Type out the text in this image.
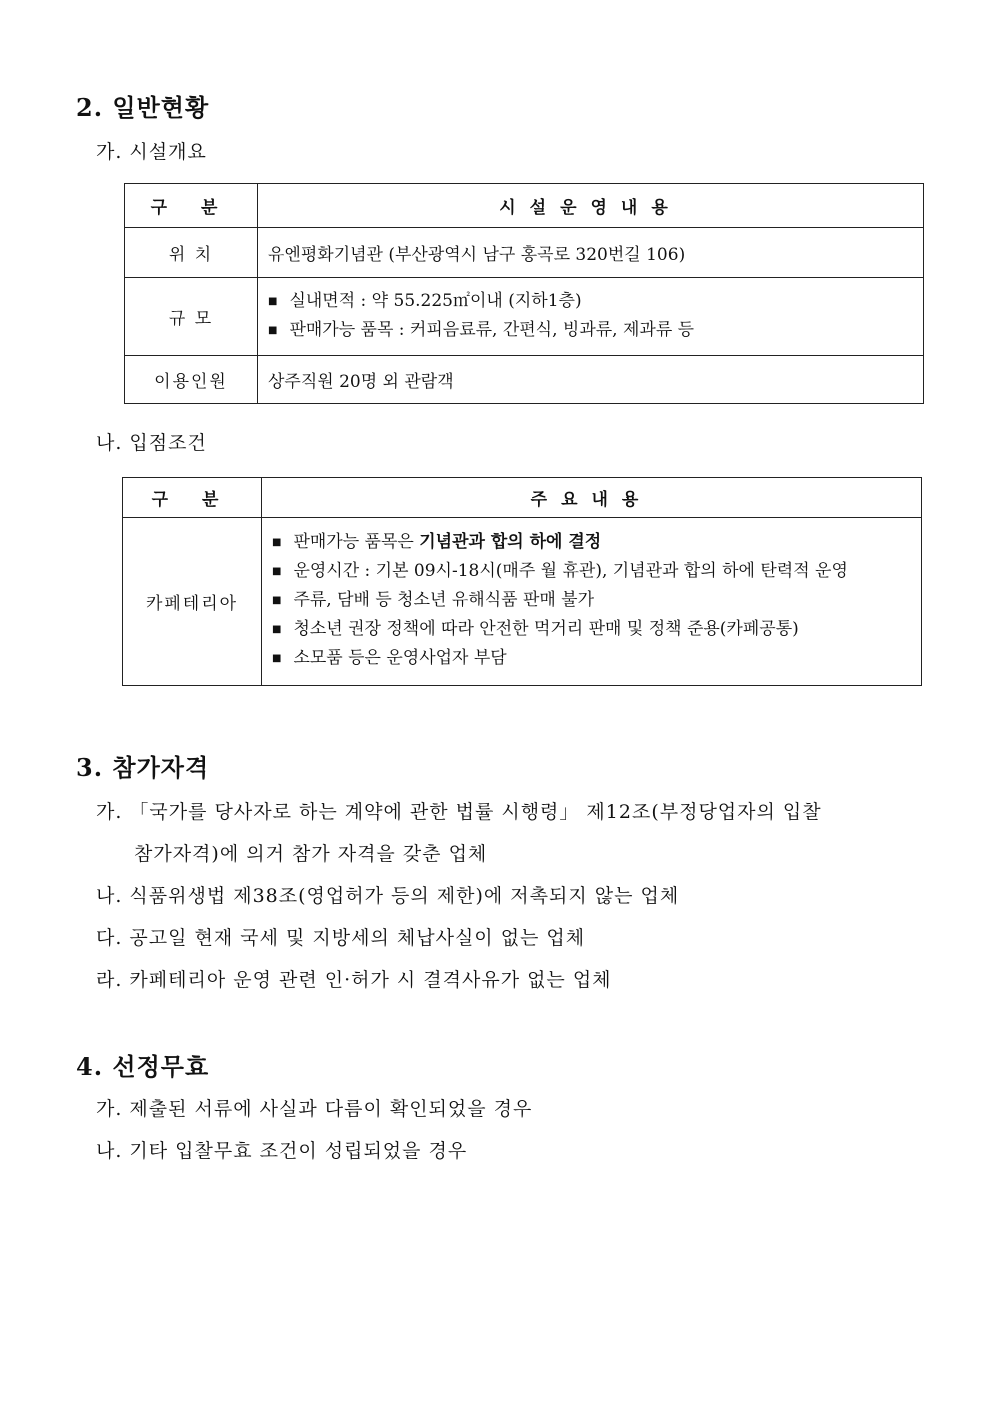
2. 일반현황
가. 시설개요
구 분	시설운영내용
위 치	유엔평화기념관 (부산광역시 남구 홍곡로 320번길 106)
규 모	■ 실내면적 : 약 55.225㎡이내 (지하1층)
■ 판매가능 품목 : 커피음료류, 간편식, 빙과류, 제과류 등

이용인원	상주직원 20명 외 관람객
나. 입점조건
구 분	주요내용
카페테리아	■ 판매가능 품목은 기념관과 합의 하에 결정
■ 운영시간 : 기본 09시-18시(매주 월 휴관), 기념관과 합의 하에 탄력적 운영
■ 주류, 담배 등 청소년 유해식품 판매 불가
■ 청소년 권장 정책에 따라 안전한 먹거리 판매 및 정책 준용(카페공통)
■ 소모품 등은 운영사업자 부담
3. 참가자격
가. 「국가를 당사자로 하는 계약에 관한 법률 시행령」 제12조(부정당업자의 입찰
참가자격)에 의거 참가 자격을 갖춘 업체
나. 식품위생법 제38조(영업허가 등의 제한)에 저촉되지 않는 업체
다. 공고일 현재 국세 및 지방세의 체납사실이 없는 업체
라. 카페테리아 운영 관련 인·허가 시 결격사유가 없는 업체
4. 선정무효
가. 제출된 서류에 사실과 다름이 확인되었을 경우
나. 기타 입찰무효 조건이 성립되었을 경우
